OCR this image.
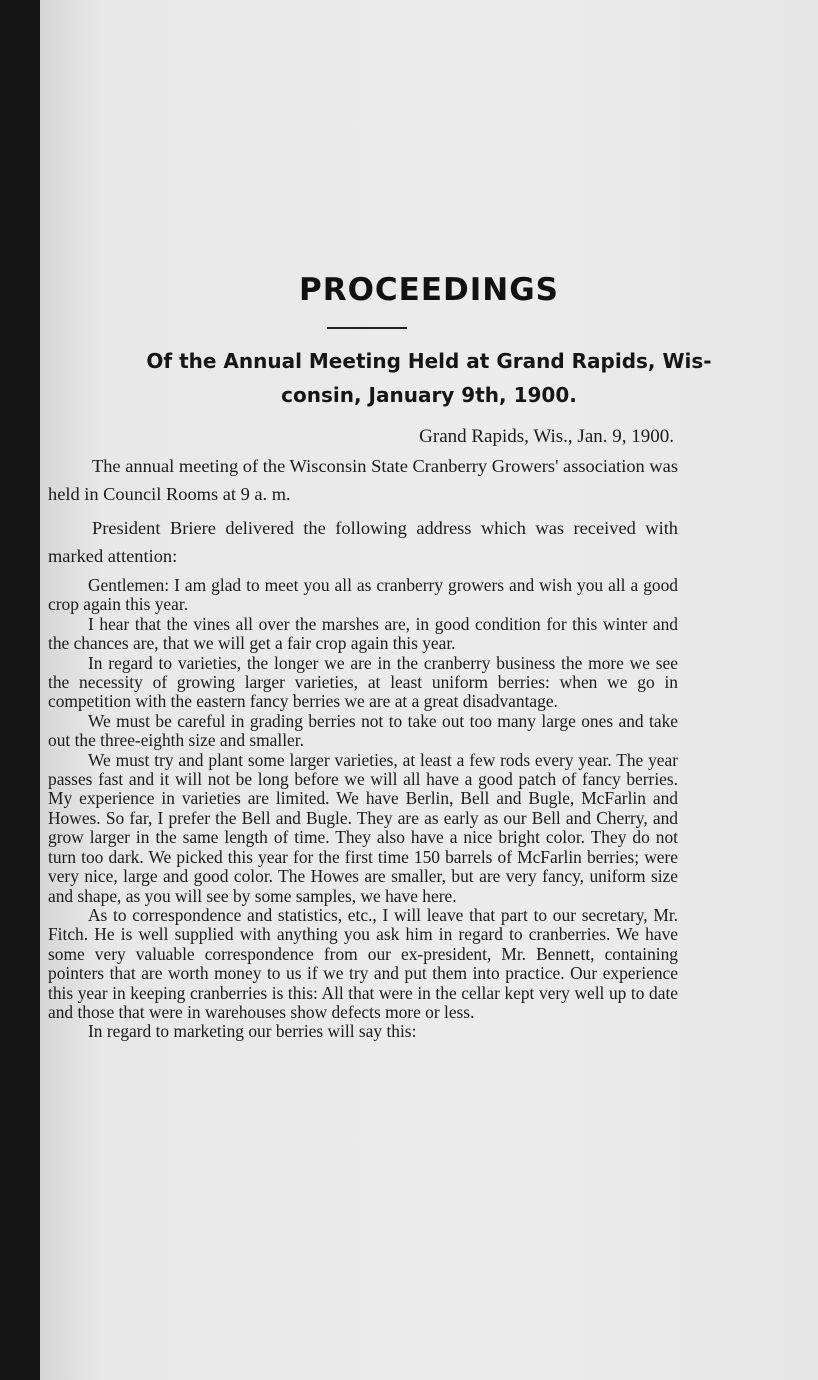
PROCEEDINGS
Of the Annual Meeting Held at Grand Rapids, Wis-
consin, January 9th, 1900.
Grand Rapids, Wis., Jan. 9, 1900.

The annual meeting of the Wisconsin State Cranberry Growers' association was held in Council Rooms at 9 a. m.

President Briere delivered the following address which was received with marked attention:

Gentlemen: I am glad to meet you all as cranberry growers and wish you all a good crop again this year.

I hear that the vines all over the marshes are, in good condition for this winter and the chances are, that we will get a fair crop again this year.

In regard to varieties, the longer we are in the cranberry business the more we see the necessity of growing larger varieties, at least uniform berries: when we go in competition with the eastern fancy berries we are at a great disadvantage.

We must be careful in grading berries not to take out too many large ones and take out the three-eighth size and smaller.

We must try and plant some larger varieties, at least a few rods every year. The year passes fast and it will not be long before we will all have a good patch of fancy berries. My experience in varieties are limited. We have Berlin, Bell and Bugle, McFarlin and Howes. So far, I prefer the Bell and Bugle. They are as early as our Bell and Cherry, and grow larger in the same length of time. They also have a nice bright color. They do not turn too dark. We picked this year for the first time 150 barrels of McFarlin berries; were very nice, large and good color. The Howes are smaller, but are very fancy, uniform size and shape, as you will see by some samples, we have here.

As to correspondence and statistics, etc., I will leave that part to our secretary, Mr. Fitch. He is well supplied with anything you ask him in regard to cranberries. We have some very valuable correspondence from our ex-president, Mr. Bennett, containing pointers that are worth money to us if we try and put them into practice. Our experience this year in keeping cranberries is this: All that were in the cellar kept very well up to date and those that were in warehouses show defects more or less.

In regard to marketing our berries will say this:
